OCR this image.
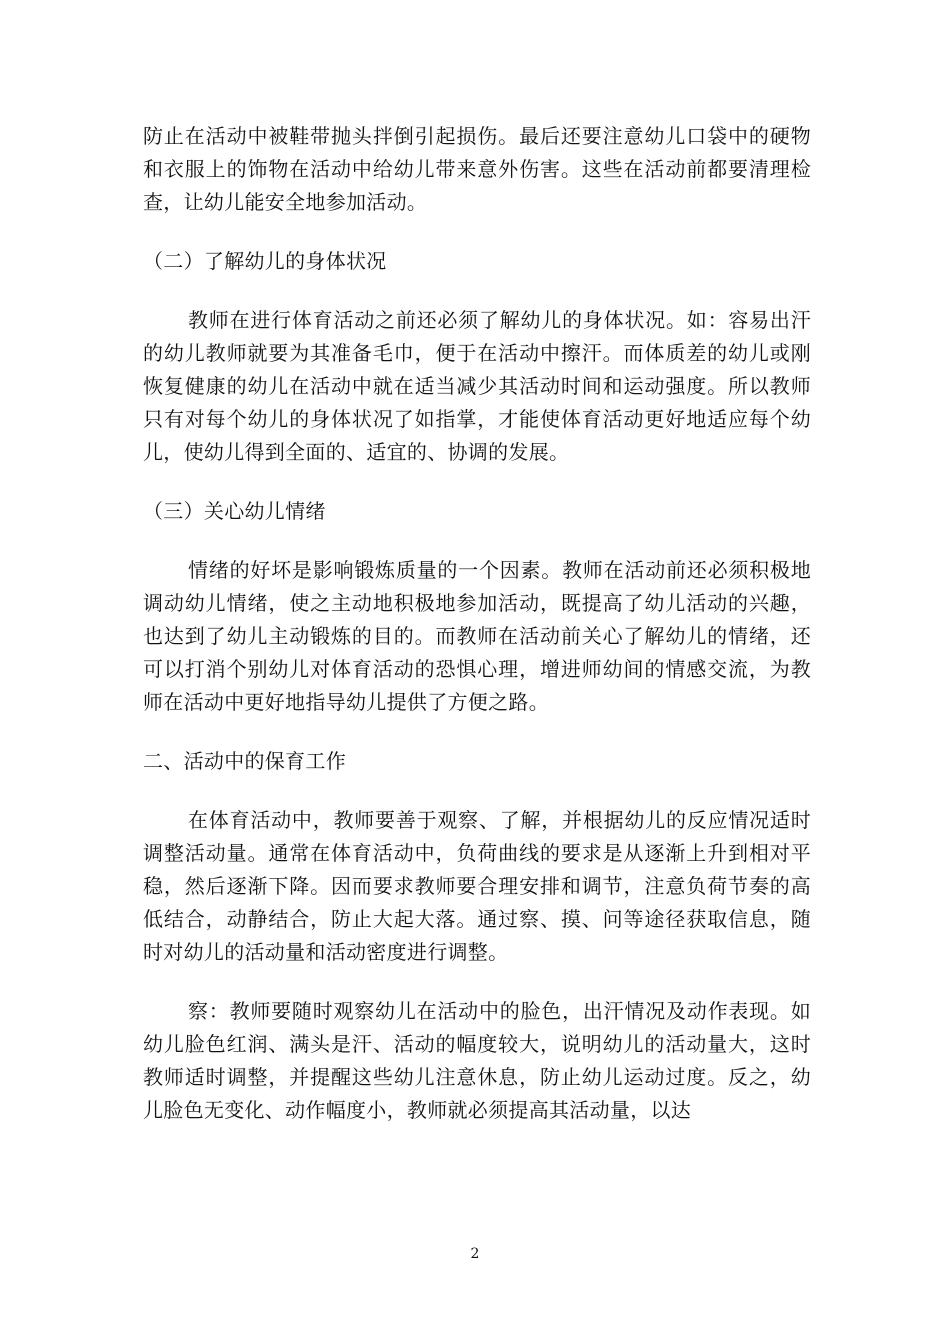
防止在活动中被鞋带抛头拌倒引起损伤。最后还要注意幼儿口袋中的硬物和衣服上的饰物在活动中给幼儿带来意外伤害。这些在活动前都要清理检查，让幼儿能安全地参加活动。

（二）了解幼儿的身体状况

教师在进行体育活动之前还必须了解幼儿的身体状况。如：容易出汗的幼儿教师就要为其准备毛巾，便于在活动中擦汗。而体质差的幼儿或刚恢复健康的幼儿在活动中就在适当减少其活动时间和运动强度。所以教师只有对每个幼儿的身体状况了如指掌，才能使体育活动更好地适应每个幼儿，使幼儿得到全面的、适宜的、协调的发展。

（三）关心幼儿情绪

情绪的好坏是影响锻炼质量的一个因素。教师在活动前还必须积极地调动幼儿情绪，使之主动地积极地参加活动，既提高了幼儿活动的兴趣，也达到了幼儿主动锻炼的目的。而教师在活动前关心了解幼儿的情绪，还可以打消个别幼儿对体育活动的恐惧心理，增进师幼间的情感交流，为教师在活动中更好地指导幼儿提供了方便之路。

二、活动中的保育工作

在体育活动中，教师要善于观察、了解，并根据幼儿的反应情况适时调整活动量。通常在体育活动中，负荷曲线的要求是从逐渐上升到相对平稳，然后逐渐下降。因而要求教师要合理安排和调节，注意负荷节奏的高低结合，动静结合，防止大起大落。通过察、摸、问等途径获取信息，随时对幼儿的活动量和活动密度进行调整。

察：教师要随时观察幼儿在活动中的脸色，出汗情况及动作表现。如幼儿脸色红润、满头是汗、活动的幅度较大，说明幼儿的活动量大，这时教师适时调整，并提醒这些幼儿注意休息，防止幼儿运动过度。反之，幼儿脸色无变化、动作幅度小，教师就必须提高其活动量，以达

2
